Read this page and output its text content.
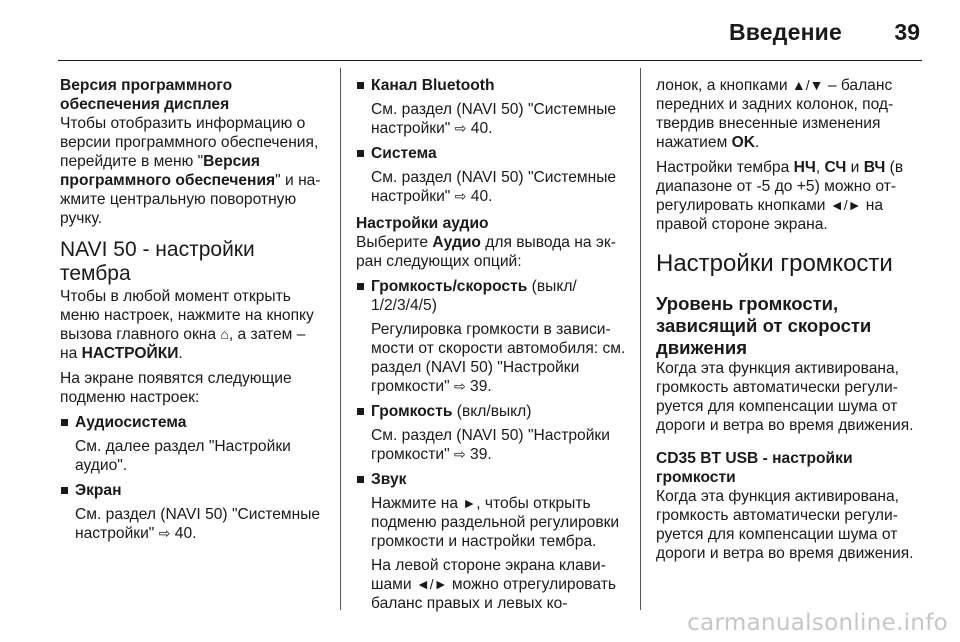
Введение 39
Версия программного обеспечения дисплея
Чтобы отобразить информацию о версии программного обеспечения, перейдите в меню "Версия программного обеспечения" и нажмите центральную поворотную ручку.
NAVI 50 - настройки тембра
Чтобы в любой момент открыть меню настроек, нажмите на кнопку вызова главного окна ⌂, а затем – на НАСТРОЙКИ.
На экране появятся следующие подменю настроек:
Аудиосистема
См. далее раздел "Настройки аудио".
Экран
См. раздел (NAVI 50) "Системные настройки" ⇨ 40.
Канал Bluetooth
См. раздел (NAVI 50) "Системные настройки" ⇨ 40.
Система
См. раздел (NAVI 50) "Системные настройки" ⇨ 40.
Настройки аудио
Выберите Аудио для вывода на экран следующих опций:
Громкость/скорость (выкл/ 1/2/3/4/5)
Регулировка громкости в зависимости от скорости автомобиля: см. раздел (NAVI 50) "Настройки громкости" ⇨ 39.
Громкость (вкл/выкл)
См. раздел (NAVI 50) "Настройки громкости" ⇨ 39.
Звук
Нажмите на ►, чтобы открыть подменю раздельной регулировки громкости и настройки тембра.
На левой стороне экрана клавишами ◄/► можно отрегулировать баланс правых и левых ко-
лонок, а кнопками ▲/▼ – баланс передних и задних колонок, подтвердив внесенные изменения нажатием OK.
Настройки тембра НЧ, СЧ и ВЧ (в диапазоне от -5 до +5) можно отрегулировать кнопками ◄/► на правой стороне экрана.
Настройки громкости
Уровень громкости, зависящий от скорости движения
Когда эта функция активирована, громкость автоматически регулируется для компенсации шума от дороги и ветра во время движения.
CD35 BT USB - настройки громкости
Когда эта функция активирована, громкость автоматически регулируется для компенсации шума от дороги и ветра во время движения.
carmanualsonline.info
